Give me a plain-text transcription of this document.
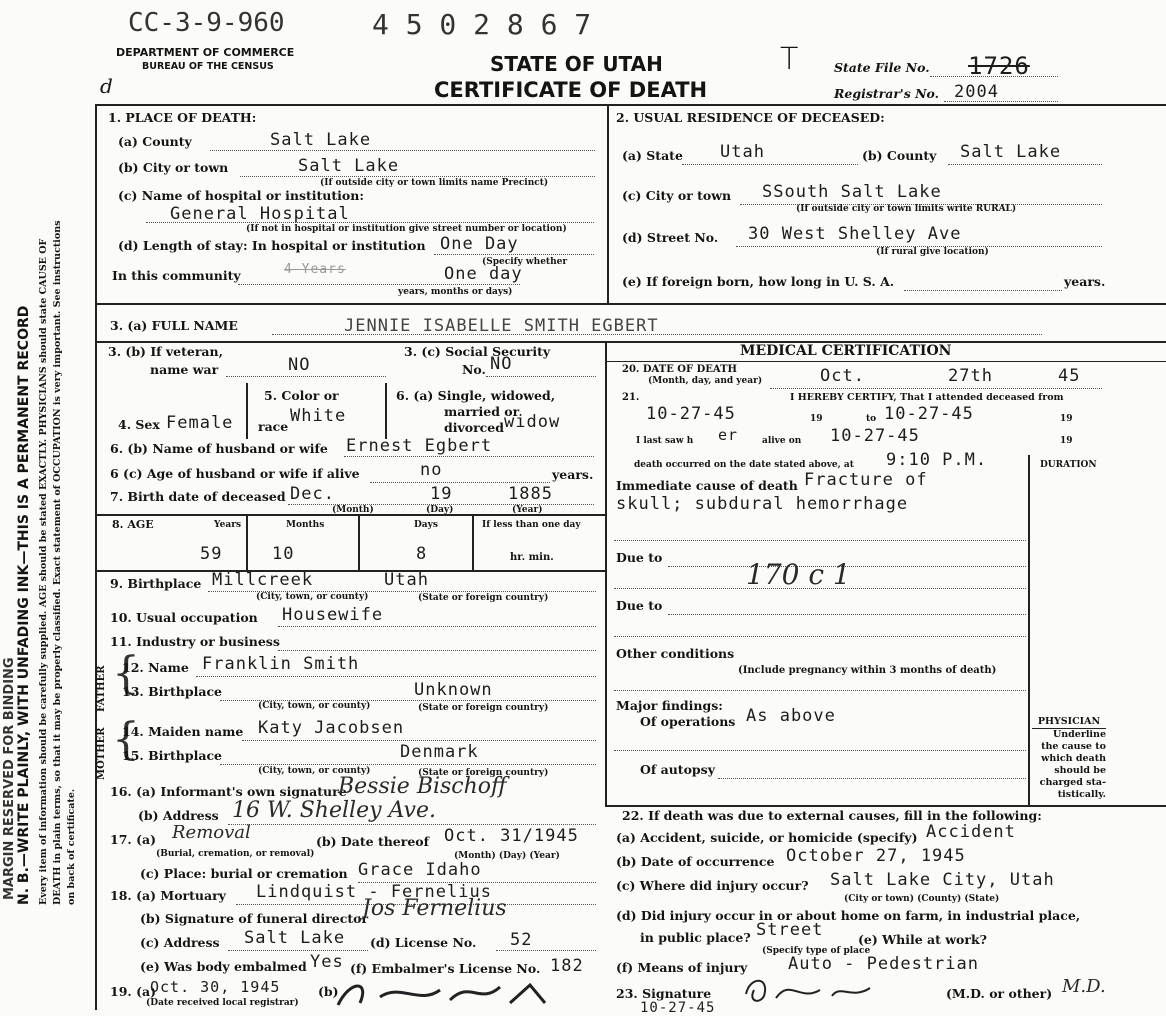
MARGIN RESERVED FOR BINDING N. B.—WRITE PLAINLY, WITH UNFADING INK—THIS IS A PERMANENT RECORD Every item of information should be carefully supplied. AGE should be stated EXACTLY. PHYSICIANS should state CAUSE OF DEATH in plain terms, so that it may be properly classified. Exact statement of OCCUPATION is very important. See instructions on back of certificate.
CC-3-9-960	4 5 0 2 8 6 7
d
DEPARTMENT OF COMMERCE
BUREAU OF THE CENSUS	STATE OF UTAH
CERTIFICATE OF DEATH
T	State File No. 1726
Registrar's No. 2004
1. PLACE OF DEATH:
(a) County	Salt Lake
(b) City or town	Salt Lake
(If outside city or town limits name Precinct)
(c) Name of hospital or institution:
General Hospital
(If not in hospital or institution give street number or location)
(d) Length of stay: In hospital or institution One Day
(Specify whether
In this community	4 Years	One day
years, months or days)
2. USUAL RESIDENCE OF DECEASED:
(a) State Utah	(b) County Salt Lake
(c) City or town SSouth Salt Lake
(If outside city or town limits write RURAL)
(d) Street No. 30 West Shelley Ave
(If rural give location)
(e) If foreign born, how long in U. S. A.	years.
3. (a) FULL NAME	JENNIE ISABELLE SMITH EGBERT
3. (b) If veteran,
name war	NO
3. (c) Social Security
No. NO
4. Sex Female
5. Color or
race
White
6. (a) Single, widowed,
married or
divorced widow
6. (b) Name of husband or wife Ernest Egbert
6 (c) Age of husband or wife if alive	no	years.
7. Birth date of deceased Dec.	19	1885
(Month)	(Day)	(Year)
8. AGE	Years	Months	Days	If less than one day
59	10	8	hr. min.
9. Birthplace Millcreek	Utah
(City, town, or county)	(State or foreign country)
10. Usual occupation Housewife
11. Industry or business
FATHER
MOTHER
{
{
12. Name Franklin Smith
13. Birthplace	Unknown
(City, town, or county)	(State or foreign country)
14. Maiden name Katy Jacobsen
15. Birthplace	Denmark
(City, town, or county)	(State or foreign country)
16. (a) Informant's own signature
Bessie Bischoff
(b) Address 16 W. Shelley Ave.
17. (a) Removal
(Burial, cremation, or removal)
(b) Date thereof Oct. 31/1945
(Month) (Day) (Year)
(c) Place: burial or cremation Grace Idaho
18. (a) Mortuary Lindquist - Fernelius
(b) Signature of funeral director
Jos Fernelius
(c) Address Salt Lake (d) License No. 52
(e) Was body embalmed Yes (f) Embalmer's License No. 182
19. (a)
Oct. 30, 1945
(Date received local registrar)
(b)
MEDICAL CERTIFICATION
20. DATE OF DEATH
(Month, day, and year)	Oct.	27th	45
21.	I HEREBY CERTIFY, That I attended deceased from
10-27-45	19	to 10-27-45	19
I last saw h er	alive on 10-27-45	19
death occurred on the date stated above, at 9:10 P.M.	DURATION
Immediate cause of death Fracture of
skull; subdural hemorrhage
Due to
170 c 1
Due to
Other conditions
(Include pregnancy within 3 months of death)
Major findings:
Of operations As above
Of autopsy
PHYSICIAN
Underline
the cause to
which death
should be
charged sta-
tistically.
22. If death was due to external causes, fill in the following:
(a) Accident, suicide, or homicide (specify) Accident
(b) Date of occurrence October 27, 1945
(c) Where did injury occur? Salt Lake City, Utah
(City or town) (County) (State)
(d) Did injury occur in or about home on farm, in industrial place,
in public place? Street
(Specify type of place
(e) While at work?
(f) Means of injury Auto - Pedestrian
23. Signature	(M.D. or other) M.D.
10-27-45
